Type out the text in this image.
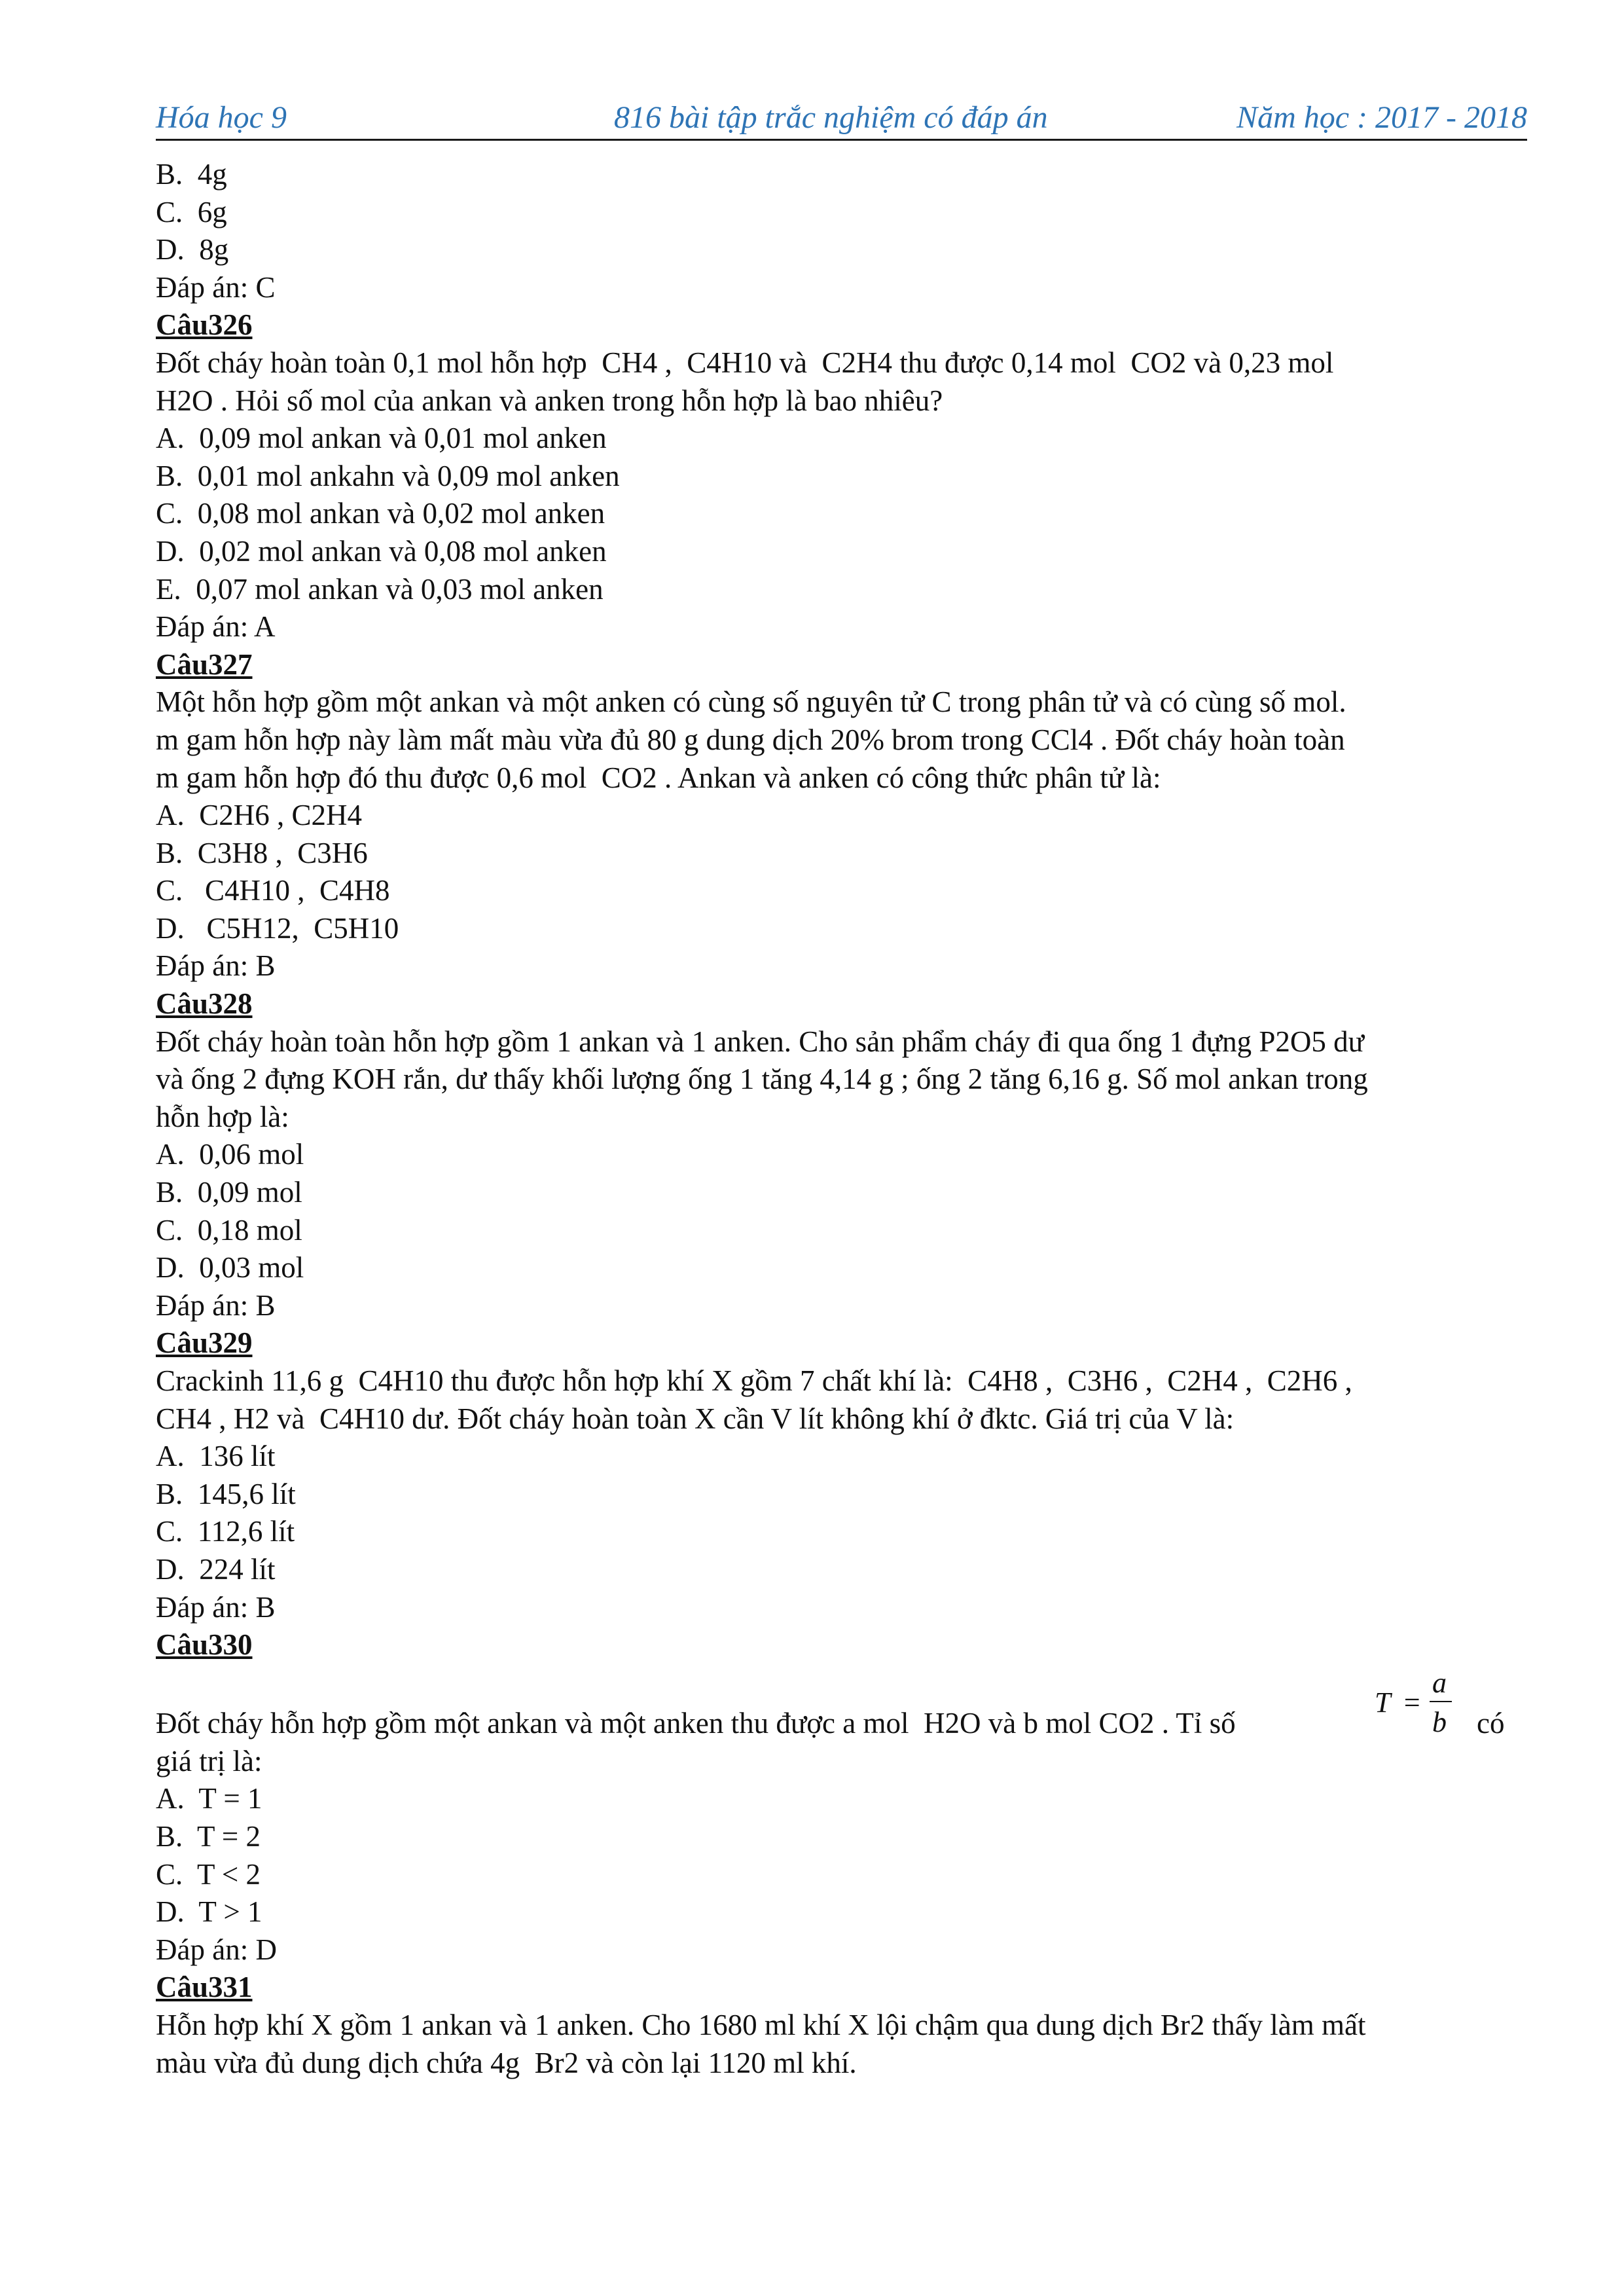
Hóa học 9	816 bài tập trắc nghiệm có đáp án	Năm học : 2017 - 2018
B.  4g
C.  6g
D.  8g
Đáp án: C
Câu326
Đốt cháy hoàn toàn 0,1 mol hỗn hợp  CH4 ,  C4H10 và  C2H4 thu được 0,14 mol  CO2 và 0,23 mol
H2O . Hỏi số mol của ankan và anken trong hỗn hợp là bao nhiêu?
A.  0,09 mol ankan và 0,01 mol anken
B.  0,01 mol ankahn và 0,09 mol anken
C.  0,08 mol ankan và 0,02 mol anken
D.  0,02 mol ankan và 0,08 mol anken
E.  0,07 mol ankan và 0,03 mol anken
Đáp án: A
Câu327
Một hỗn hợp gồm một ankan và một anken có cùng số nguyên tử C trong phân tử và có cùng số mol.
m gam hỗn hợp này làm mất màu vừa đủ 80 g dung dịch 20% brom trong CCl4 . Đốt cháy hoàn toàn
m gam hỗn hợp đó thu được 0,6 mol  CO2 . Ankan và anken có công thức phân tử là:
A.  C2H6 , C2H4
B.  C3H8 ,  C3H6
C.   C4H10 ,  C4H8
D.   C5H12,  C5H10
Đáp án: B
Câu328
Đốt cháy hoàn toàn hỗn hợp gồm 1 ankan và 1 anken. Cho sản phẩm cháy đi qua ống 1 đựng P2O5 dư
và ống 2 đựng KOH rắn, dư thấy khối lượng ống 1 tăng 4,14 g ; ống 2 tăng 6,16 g. Số mol ankan trong
hỗn hợp là:
A.  0,06 mol
B.  0,09 mol
C.  0,18 mol
D.  0,03 mol
Đáp án: B
Câu329
Crackinh 11,6 g  C4H10 thu được hỗn hợp khí X gồm 7 chất khí là:  C4H8 ,  C3H6 ,  C2H4 ,  C2H6 ,
CH4 , H2 và  C4H10 dư. Đốt cháy hoàn toàn X cần V lít không khí ở đktc. Giá trị của V là:
A.  136 lít
B.  145,6 lít
C.  112,6 lít
D.  224 lít
Đáp án: B
Câu330
Đốt cháy hỗn hợp gồm một ankan và một anken thu được a mol  H2O và b mol CO2 . Tỉ số
T =
a
b có
giá trị là:
A.  T = 1
B.  T = 2
C.  T < 2
D.  T > 1
Đáp án: D
Câu331
Hỗn hợp khí X gồm 1 ankan và 1 anken. Cho 1680 ml khí X lội chậm qua dung dịch Br2 thấy làm mất
màu vừa đủ dung dịch chứa 4g  Br2 và còn lại 1120 ml khí.
